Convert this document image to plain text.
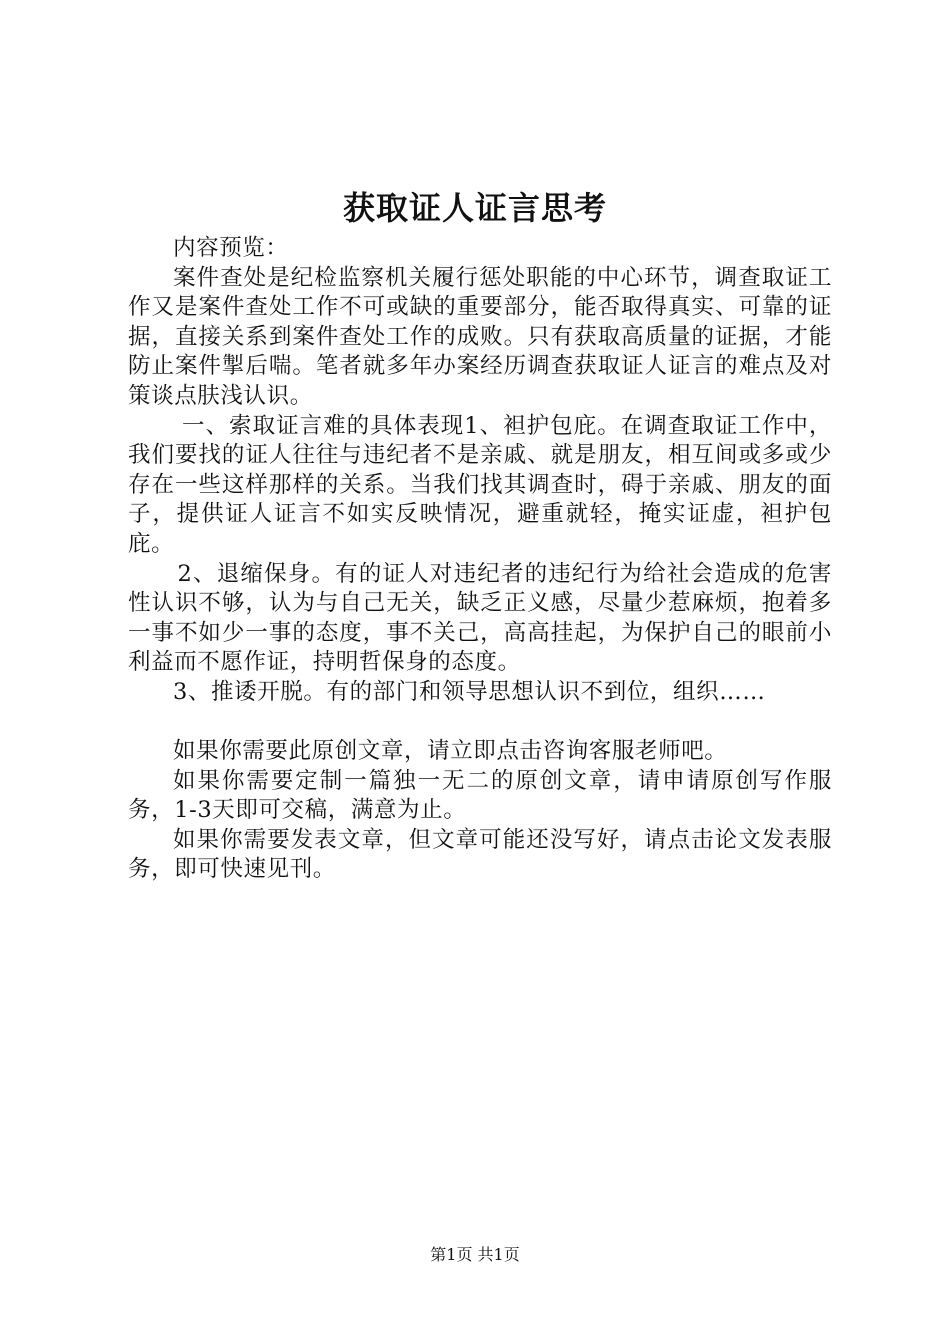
获取证人证言思考

内容预览：

案件查处是纪检监察机关履行惩处职能的中心环节，调查取证工作又是案件查处工作不可或缺的重要部分，能否取得真实、可靠的证据，直接关系到案件查处工作的成败。只有获取高质量的证据，才能防止案件掣后喘。笔者就多年办案经历调查获取证人证言的难点及对策谈点肤浅认识。

一、索取证言难的具体表现1、袒护包庇。在调查取证工作中，我们要找的证人往往与违纪者不是亲戚、就是朋友，相互间或多或少存在一些这样那样的关系。当我们找其调查时，碍于亲戚、朋友的面子，提供证人证言不如实反映情况，避重就轻，掩实证虚，袒护包庇。

2、退缩保身。有的证人对违纪者的违纪行为给社会造成的危害性认识不够，认为与自己无关，缺乏正义感，尽量少惹麻烦，抱着多一事不如少一事的态度，事不关己，高高挂起，为保护自己的眼前小利益而不愿作证，持明哲保身的态度。

3、推诿开脱。有的部门和领导思想认识不到位，组织……

如果你需要此原创文章，请立即点击咨询客服老师吧。

如果你需要定制一篇独一无二的原创文章，请申请原创写作服务，1-3天即可交稿，满意为止。

如果你需要发表文章，但文章可能还没写好，请点击论文发表服务，即可快速见刊。

第1页 共1页
